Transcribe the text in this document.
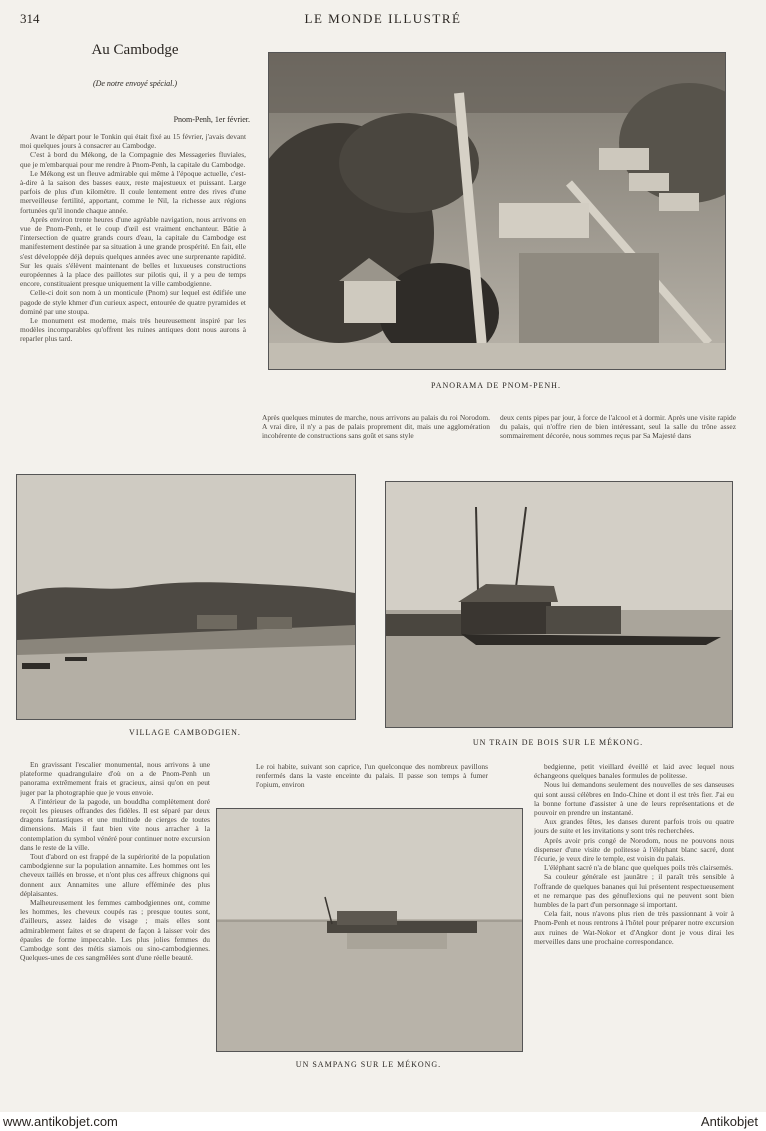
314	LE MONDE ILLUSTRÉ
Au Cambodge
(De notre envoyé spécial.)
Pnom-Penh, 1er février.

Avant le départ pour le Tonkin qui était fixé au 15 février, j'avais devant moi quelques jours à consacrer au Cambodge.

C'est à bord du Mékong, de la Compagnie des Messageries fluviales, que je m'embarquai pour me rendre à Pnom-Penh, la capitale du Cambodge.

Le Mékong est un fleuve admirable qui même à l'époque actuelle, c'est-à-dire à la saison des basses eaux, reste majestueux et puissant. Large parfois de plus d'un kilomètre. Il coule lentement entre des rives d'une merveilleuse fertilité, apportant, comme le Nil, la richesse aux régions fortunées qu'il inonde chaque année.

Après environ trente heures d'une agréable navigation, nous arrivons en vue de Pnom-Penh, et le coup d'œil est vraiment enchanteur. Bâtie à l'intersection de quatre grands cours d'eau, la capitale du Cambodge est manifestement destinée par sa situation à une grande prospérité. En fait, elle s'est développée déjà depuis quelques années avec une surprenante rapidité. Sur les quais s'élèvent maintenant de belles et luxueuses constructions européennes à la place des paillotes sur pilotis qui, il y a peu de temps encore, constituaient presque uniquement la ville cambodgienne.

Celle-ci doit son nom à un monticule (Pnom) sur lequel est édifiée une pagode de style khmer d'un curieux aspect, entourée de quatre pyramides et dominé par une stoupa.

Le monument est moderne, mais très heureusement inspiré par les modèles incomparables qu'offrent les ruines antiques dont nous aurons à reparler plus tard.

PANORAMA DE PNOM-PENH.
Après quelques minutes de marche, nous arrivons au palais du roi Norodom. A vrai dire, il n'y a pas de palais proprement dit, mais une agglomération incohérente de constructions sans goût et sans style
deux cents pipes par jour, à force de l'alcool et à dormir. Après une visite rapide du palais, qui n'offre rien de bien intéressant, seul la salle du trône assez sommairement décorée, nous sommes reçus par Sa Majesté dans
VILLAGE CAMBODGIEN.
UN TRAIN DE BOIS SUR LE MÉKONG.

En gravissant l'escalier monumental, nous arrivons à une plateforme quadrangulaire d'où on a de Pnom-Penh un panorama extrêmement frais et gracieux, ainsi qu'on en peut juger par la photographie que je vous envoie.

A l'intérieur de la pagode, un bouddha complètement doré reçoit les pieuses offrandes des fidèles. Il est séparé par deux dragons fantastiques et une multitude de cierges de toutes dimensions. Mais il faut bien vite nous arracher à la contemplation du symbol vénéré pour continuer notre excursion dans le reste de la ville.

Tout d'abord on est frappé de la supériorité de la population cambodgienne sur la population annamite. Les hommes ont les cheveux taillés en brosse, et n'ont plus ces affreux chignons qui donnent aux Annamites une allure efféminée des plus déplaisantes.

Malheureusement les femmes cambodgiennes ont, comme les hommes, les cheveux coupés ras ; presque toutes sont, d'ailleurs, assez laides de visage ; mais elles sont admirablement faites et se drapent de façon à laisser voir des épaules de forme impeccable. Les plus jolies femmes du Cambodge sont des métis siamois ou sino-cambodgiennes. Quelques-unes de ces sangmêlées sont d'une réelle beauté.

Le roi habite, suivant son caprice, l'un quelconque des nombreux pavillons renfermés dans la vaste enceinte du palais. Il passe son temps à fumer l'opium, environ
UN SAMPANG SUR LE MÉKONG.

bedgienne, petit vieillard éveillé et laid avec lequel nous échangeons quelques banales formules de politesse.

Nous lui demandons seulement des nouvelles de ses danseuses qui sont aussi célèbres en Indo-Chine et dont il est très fier. J'ai eu la bonne fortune d'assister à une de leurs représentations et de pouvoir en prendre un instantané.

Aux grandes fêtes, les danses durent parfois trois ou quatre jours de suite et les invitations y sont très recherchées.

Après avoir pris congé de Norodom, nous ne pouvons nous dispenser d'une visite de politesse à l'éléphant blanc sacré, dont l'écurie, je veux dire le temple, est voisin du palais.

L'éléphant sacré n'a de blanc que quelques poils très clairsemés.

Sa couleur générale est jaunâtre ; il paraît très sensible à l'offrande de quelques bananes qui lui présentent respectueusement et ne remarque pas des génuflexions qui ne peuvent sont bien humbles de la part d'un personnage si important.

Cela fait, nous n'avons plus rien de très passionnant à voir à Pnom-Penh et nous rentrons à l'hôtel pour préparer notre excursion aux ruines de Wat-Nokor et d'Angkor dont je vous dirai les merveilles dans une prochaine correspondance.

www.antikobjet.com	Antikobjet
